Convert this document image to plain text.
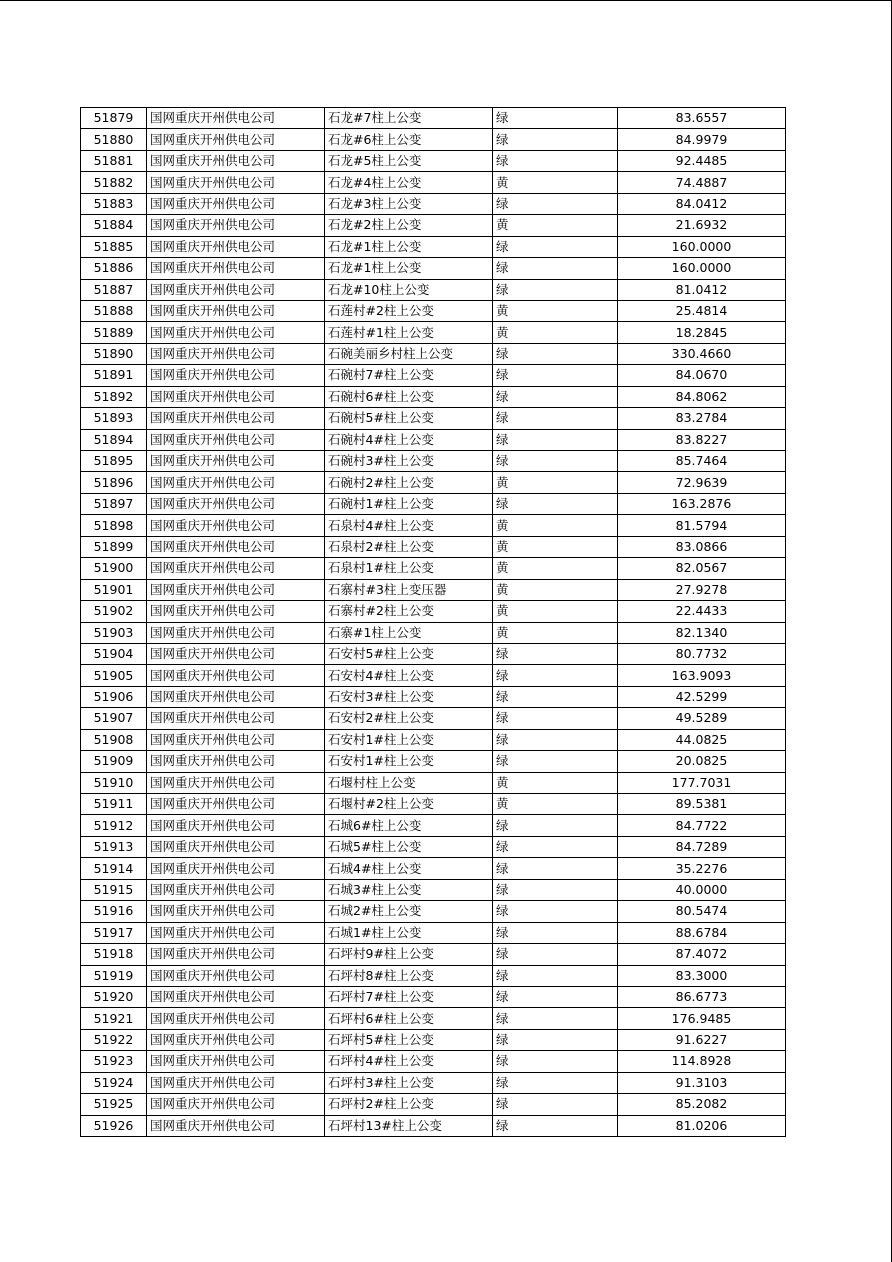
51879	国网重庆开州供电公司	石龙#7柱上公变	绿	83.6557
51880	国网重庆开州供电公司	石龙#6柱上公变	绿	84.9979
51881	国网重庆开州供电公司	石龙#5柱上公变	绿	92.4485
51882	国网重庆开州供电公司	石龙#4柱上公变	黄	74.4887
51883	国网重庆开州供电公司	石龙#3柱上公变	绿	84.0412
51884	国网重庆开州供电公司	石龙#2柱上公变	黄	21.6932
51885	国网重庆开州供电公司	石龙#1柱上公变	绿	160.0000
51886	国网重庆开州供电公司	石龙#1柱上公变	绿	160.0000
51887	国网重庆开州供电公司	石龙#10柱上公变	绿	81.0412
51888	国网重庆开州供电公司	石莲村#2柱上公变	黄	25.4814
51889	国网重庆开州供电公司	石莲村#1柱上公变	黄	18.2845
51890	国网重庆开州供电公司	石碗美丽乡村柱上公变	绿	330.4660
51891	国网重庆开州供电公司	石碗村7#柱上公变	绿	84.0670
51892	国网重庆开州供电公司	石碗村6#柱上公变	绿	84.8062
51893	国网重庆开州供电公司	石碗村5#柱上公变	绿	83.2784
51894	国网重庆开州供电公司	石碗村4#柱上公变	绿	83.8227
51895	国网重庆开州供电公司	石碗村3#柱上公变	绿	85.7464
51896	国网重庆开州供电公司	石碗村2#柱上公变	黄	72.9639
51897	国网重庆开州供电公司	石碗村1#柱上公变	绿	163.2876
51898	国网重庆开州供电公司	石泉村4#柱上公变	黄	81.5794
51899	国网重庆开州供电公司	石泉村2#柱上公变	黄	83.0866
51900	国网重庆开州供电公司	石泉村1#柱上公变	黄	82.0567
51901	国网重庆开州供电公司	石寨村#3柱上变压器	黄	27.9278
51902	国网重庆开州供电公司	石寨村#2柱上公变	黄	22.4433
51903	国网重庆开州供电公司	石寨#1柱上公变	黄	82.1340
51904	国网重庆开州供电公司	石安村5#柱上公变	绿	80.7732
51905	国网重庆开州供电公司	石安村4#柱上公变	绿	163.9093
51906	国网重庆开州供电公司	石安村3#柱上公变	绿	42.5299
51907	国网重庆开州供电公司	石安村2#柱上公变	绿	49.5289
51908	国网重庆开州供电公司	石安村1#柱上公变	绿	44.0825
51909	国网重庆开州供电公司	石安村1#柱上公变	绿	20.0825
51910	国网重庆开州供电公司	石堰村柱上公变	黄	177.7031
51911	国网重庆开州供电公司	石堰村#2柱上公变	黄	89.5381
51912	国网重庆开州供电公司	石城6#柱上公变	绿	84.7722
51913	国网重庆开州供电公司	石城5#柱上公变	绿	84.7289
51914	国网重庆开州供电公司	石城4#柱上公变	绿	35.2276
51915	国网重庆开州供电公司	石城3#柱上公变	绿	40.0000
51916	国网重庆开州供电公司	石城2#柱上公变	绿	80.5474
51917	国网重庆开州供电公司	石城1#柱上公变	绿	88.6784
51918	国网重庆开州供电公司	石坪村9#柱上公变	绿	87.4072
51919	国网重庆开州供电公司	石坪村8#柱上公变	绿	83.3000
51920	国网重庆开州供电公司	石坪村7#柱上公变	绿	86.6773
51921	国网重庆开州供电公司	石坪村6#柱上公变	绿	176.9485
51922	国网重庆开州供电公司	石坪村5#柱上公变	绿	91.6227
51923	国网重庆开州供电公司	石坪村4#柱上公变	绿	114.8928
51924	国网重庆开州供电公司	石坪村3#柱上公变	绿	91.3103
51925	国网重庆开州供电公司	石坪村2#柱上公变	绿	85.2082
51926	国网重庆开州供电公司	石坪村13#柱上公变	绿	81.0206
